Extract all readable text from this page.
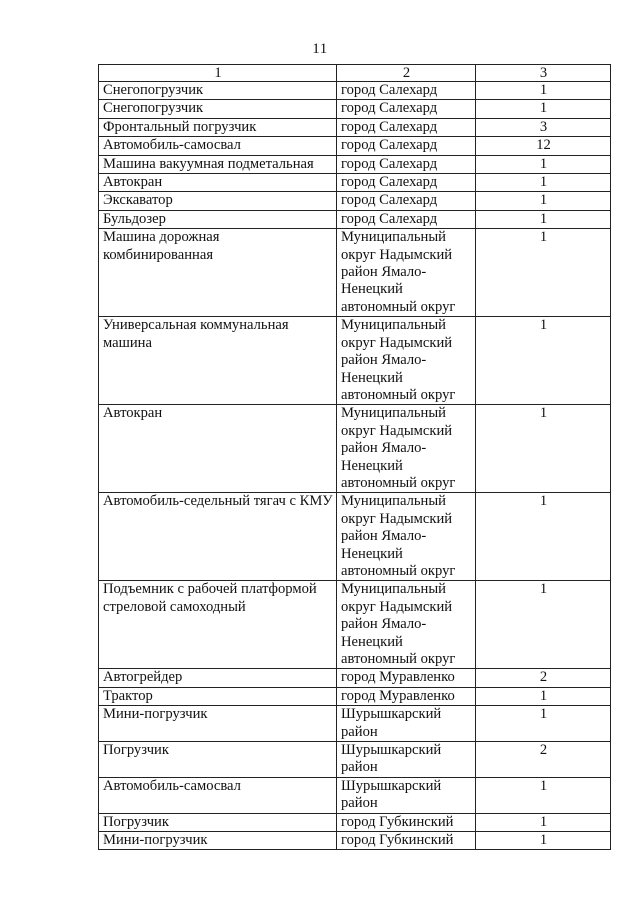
11
1	2	3
Снегопогрузчик	город Салехард	1
Снегопогрузчик	город Салехард	1
Фронтальный погрузчик	город Салехард	3
Автомобиль-самосвал	город Салехард	12
Машина вакуумная подметальная	город Салехард	1
Автокран	город Салехард	1
Экскаватор	город Салехард	1
Бульдозер	город Салехард	1
Машина дорожная комбинированная	Муниципальный округ Надымский район Ямало-Ненецкий автономный округ	1
Универсальная коммунальная машина	Муниципальный округ Надымский район Ямало-Ненецкий автономный округ	1
Автокран	Муниципальный округ Надымский район Ямало-Ненецкий автономный округ	1
Автомобиль-седельный тягач с КМУ	Муниципальный округ Надымский район Ямало-Ненецкий автономный округ	1
Подъемник с рабочей платформой стреловой самоходный	Муниципальный округ Надымский район Ямало-Ненецкий автономный округ	1
Автогрейдер	город Муравленко	2
Трактор	город Муравленко	1
Мини-погрузчик	Шурышкарский район	1
Погрузчик	Шурышкарский район	2
Автомобиль-самосвал	Шурышкарский район	1
Погрузчик	город Губкинский	1
Мини-погрузчик	город Губкинский	1
